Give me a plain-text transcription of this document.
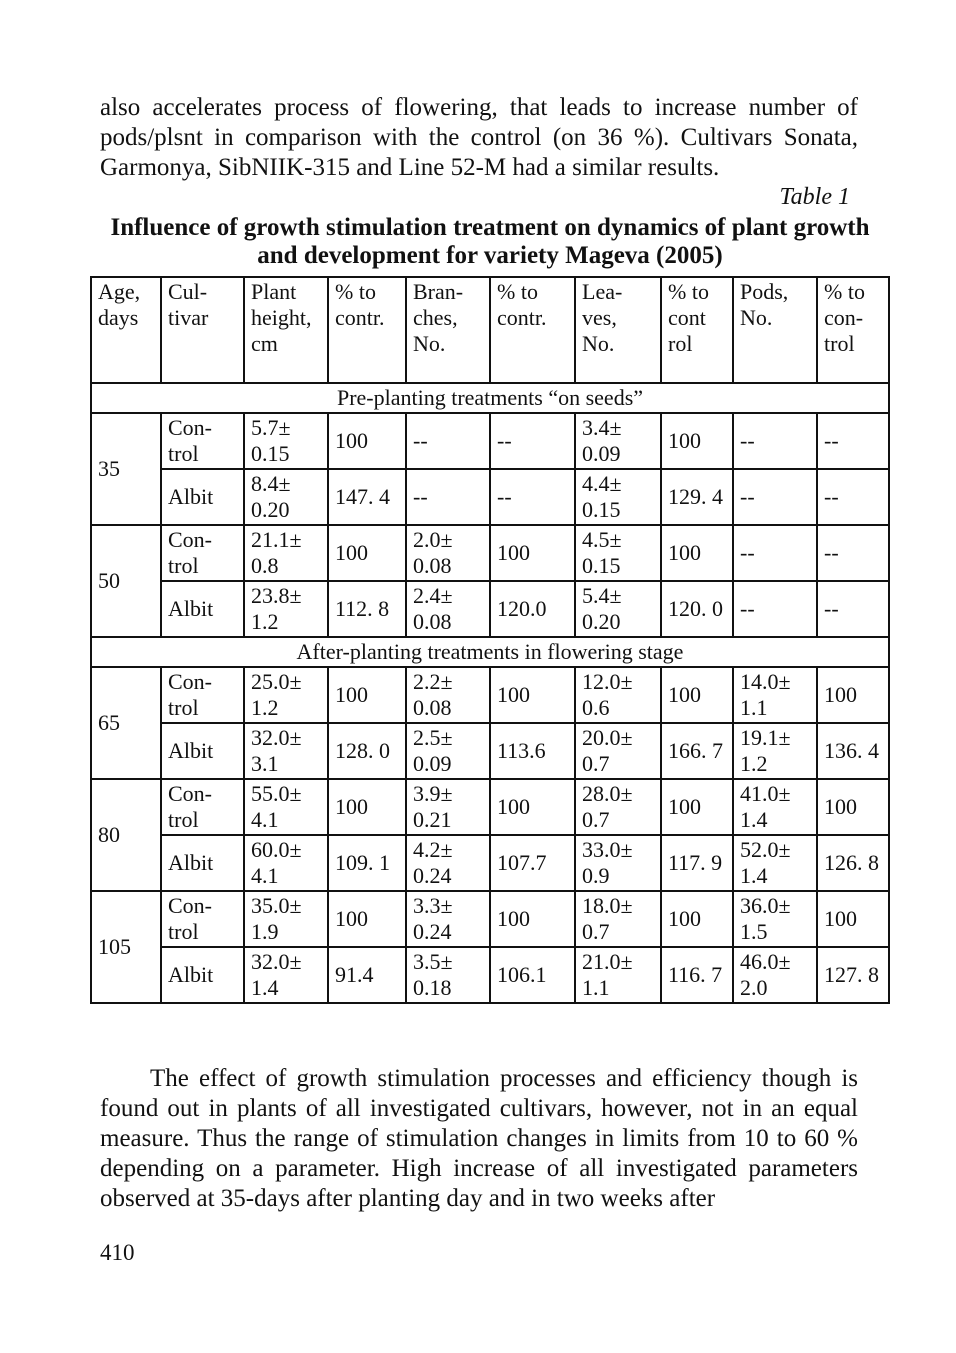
also accelerates process of flowering, that leads to increase number of pods/plsnt in comparison with the control (on 36 %). Cultivars Sonata, Garmonya, SibNIIK-315 and Line 52-M had a similar results.

Table 1

Influence of growth stimulation treatment on dynamics of plant growth and development for variety Mageva (2005)

Age, days	Cul-tivar	Plant height, cm	% to contr.	Bran-ches, No.	% to contr.	Lea-ves, No.	% to cont rol	Pods, No.	% to con-trol
Pre-planting treatments “on seeds”									
35	Con-trol	5.7± 0.15	100	--	--	3.4± 0.09	100	--	--
	Albit	8.4± 0.20	147. 4	--	--	4.4± 0.15	129. 4	--	--
50	Con-trol	21.1± 0.8	100	2.0± 0.08	100	4.5± 0.15	100	--	--
	Albit	23.8± 1.2	112. 8	2.4± 0.08	120.0	5.4± 0.20	120. 0	--	--
After-planting treatments in flowering stage									
65	Con-trol	25.0± 1.2	100	2.2± 0.08	100	12.0± 0.6	100	14.0± 1.1	100
	Albit	32.0± 3.1	128. 0	2.5± 0.09	113.6	20.0± 0.7	166. 7	19.1± 1.2	136. 4
80	Con-trol	55.0± 4.1	100	3.9± 0.21	100	28.0± 0.7	100	41.0± 1.4	100
	Albit	60.0± 4.1	109. 1	4.2± 0.24	107.7	33.0± 0.9	117. 9	52.0± 1.4	126. 8
105	Con-trol	35.0± 1.9	100	3.3± 0.24	100	18.0± 0.7	100	36.0± 1.5	100
	Albit	32.0± 1.4	91.4	3.5± 0.18	106.1	21.0± 1.1	116. 7	46.0± 2.0	127. 8

The effect of growth stimulation processes and efficiency though is found out in plants of all investigated cultivars, however, not in an equal measure. Thus the range of stimulation changes in limits from 10 to 60 % depending on a parameter. High increase of all investigated parameters observed at 35-days after planting day and in two weeks after

410
